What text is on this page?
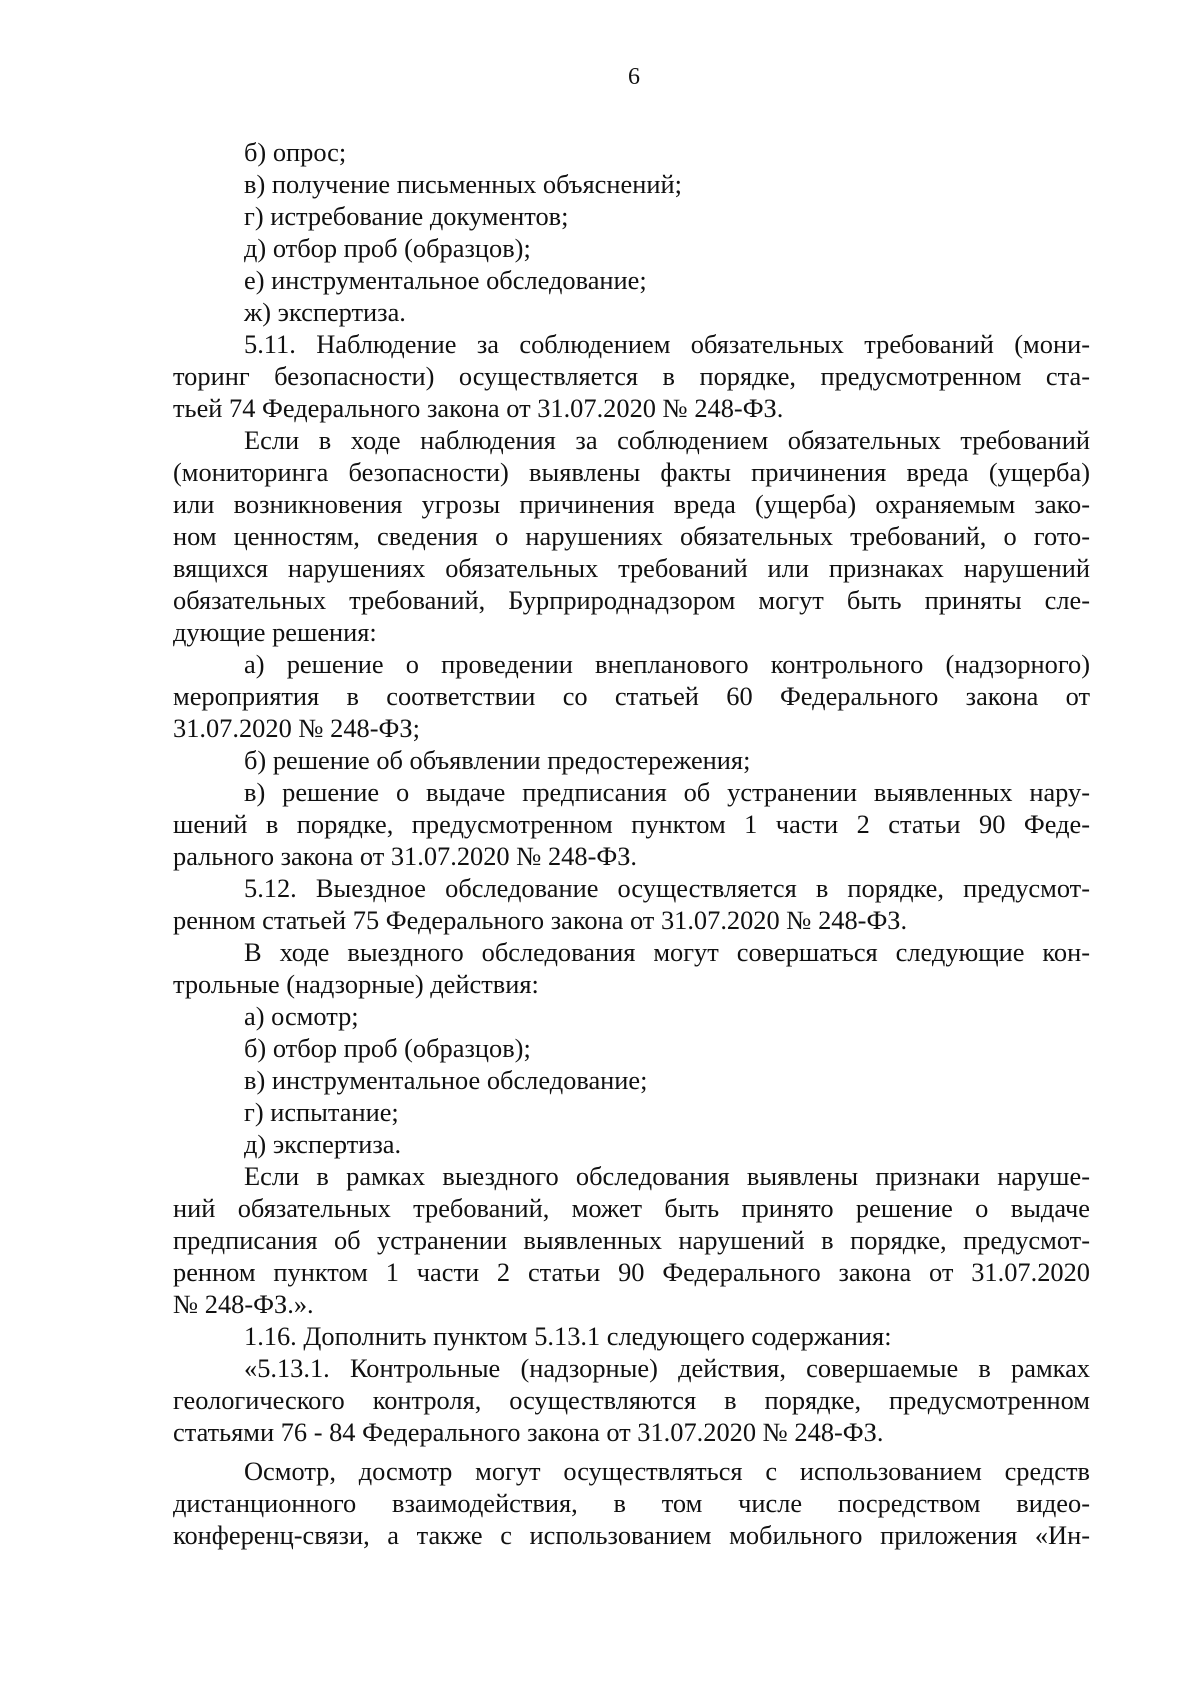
6
б) опрос;
в) получение письменных объяснений;
г) истребование документов;
д) отбор проб (образцов);
е) инструментальное обследование;
ж) экспертиза.
5.11. Наблюдение за соблюдением обязательных требований (мони-
торинг безопасности) осуществляется в порядке, предусмотренном ста-
тьей 74 Федерального закона от 31.07.2020 № 248-ФЗ.
Если в ходе наблюдения за соблюдением обязательных требований
(мониторинга безопасности) выявлены факты причинения вреда (ущерба)
или возникновения угрозы причинения вреда (ущерба) охраняемым зако-
ном ценностям, сведения о нарушениях обязательных требований, о гото-
вящихся нарушениях обязательных требований или признаках нарушений
обязательных требований, Бурприроднадзором могут быть приняты сле-
дующие решения:
а) решение о проведении внепланового контрольного (надзорного)
мероприятия в соответствии со статьей 60 Федерального закона от
31.07.2020 № 248-ФЗ;
б) решение об объявлении предостережения;
в) решение о выдаче предписания об устранении выявленных нару-
шений в порядке, предусмотренном пунктом 1 части 2 статьи 90 Феде-
рального закона от 31.07.2020 № 248-ФЗ.
5.12. Выездное обследование осуществляется в порядке, предусмот-
ренном статьей 75 Федерального закона от 31.07.2020 № 248-ФЗ.
В ходе выездного обследования могут совершаться следующие кон-
трольные (надзорные) действия:
а) осмотр;
б) отбор проб (образцов);
в) инструментальное обследование;
г) испытание;
д) экспертиза.
Если в рамках выездного обследования выявлены признаки наруше-
ний обязательных требований, может быть принято решение о выдаче
предписания об устранении выявленных нарушений в порядке, предусмот-
ренном пунктом 1 части 2 статьи 90 Федерального закона от 31.07.2020
№ 248-ФЗ.».
1.16. Дополнить пунктом 5.13.1 следующего содержания:
«5.13.1. Контрольные (надзорные) действия, совершаемые в рамках
геологического контроля, осуществляются в порядке, предусмотренном
статьями 76 - 84 Федерального закона от 31.07.2020 № 248-ФЗ.
Осмотр, досмотр могут осуществляться с использованием средств
дистанционного взаимодействия, в том числе посредством видео-
конференц-связи, а также с использованием мобильного приложения «Ин-
